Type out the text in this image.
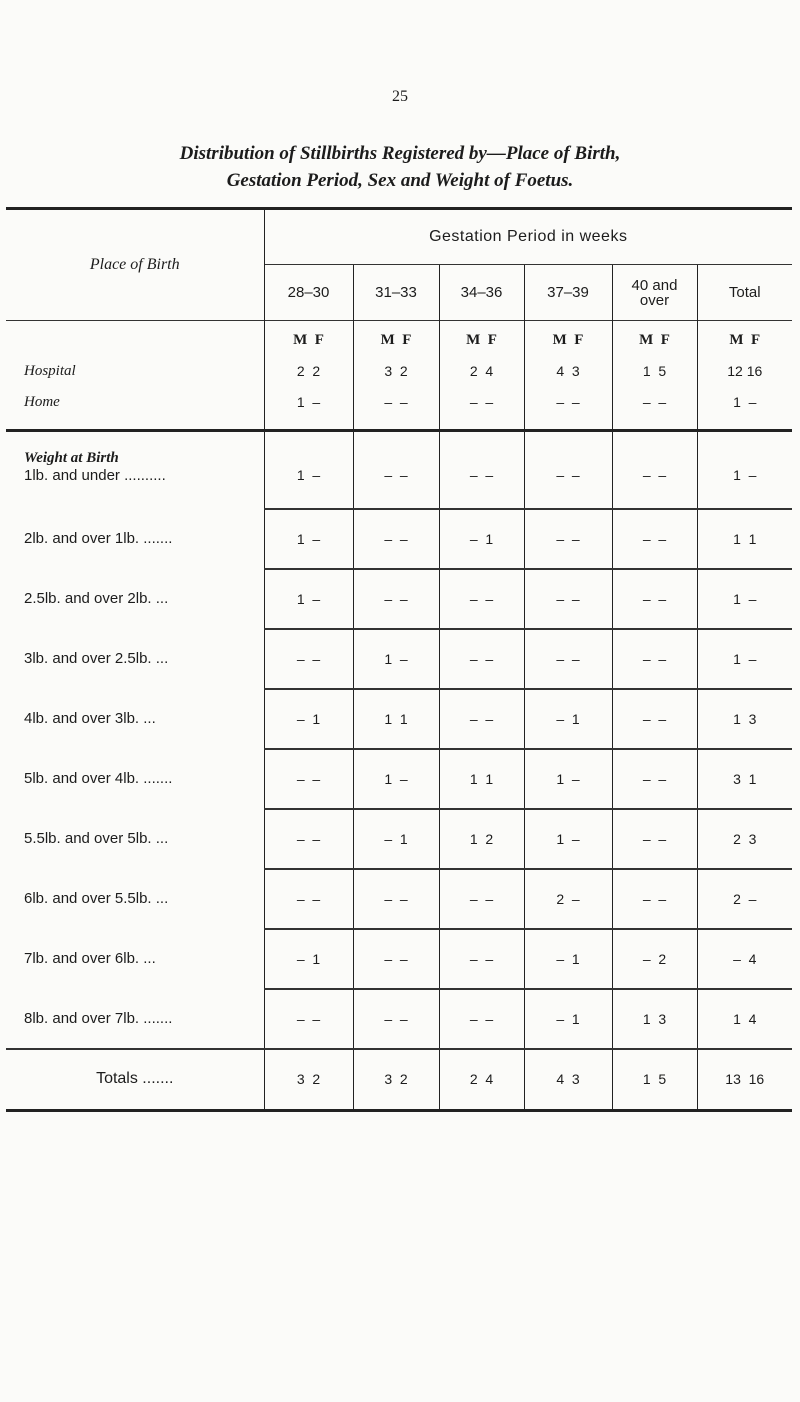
25
Distribution of Stillbirths Registered by—Place of Birth,
Gestation Period, Sex and Weight of Foetus.
Place of Birth	Gestation Period in weeks					
	28–30	31–33	34–36	37–39	40 and over	Total
	M  F	M  F	M  F	M  F	M  F	M  F
Hospital	2  2	3  2	2  4	4  3	1  5	12 16
Home	1  –	–  –	–  –	–  –	–  –	1  –
Weight at Birth						
1lb. and under ..........	1  –	–  –	–  –	–  –	–  –	1  –
2lb. and over 1lb. .......	1  –	–  –	–  1	–  –	–  –	1  1
2.5lb. and over 2lb. ...	1  –	–  –	–  –	–  –	–  –	1  –
3lb. and over 2.5lb. ...	–  –	1  –	–  –	–  –	–  –	1  –
4lb. and over 3lb. ...	–  1	1  1	–  –	–  1	–  –	1  3
5lb. and over 4lb. .......	–  –	1  –	1  1	1  –	–  –	3  1
5.5lb. and over 5lb. ...	–  –	–  1	1  2	1  –	–  –	2  3
6lb. and over 5.5lb. ...	–  –	–  –	–  –	2  –	–  –	2  –
7lb. and over 6lb. ...	–  1	–  –	–  –	–  1	–  2	–  4
8lb. and over 7lb. .......	–  –	–  –	–  –	–  1	1  3	1  4
Totals .......	3  2	3  2	2  4	4  3	1  5	13  16
